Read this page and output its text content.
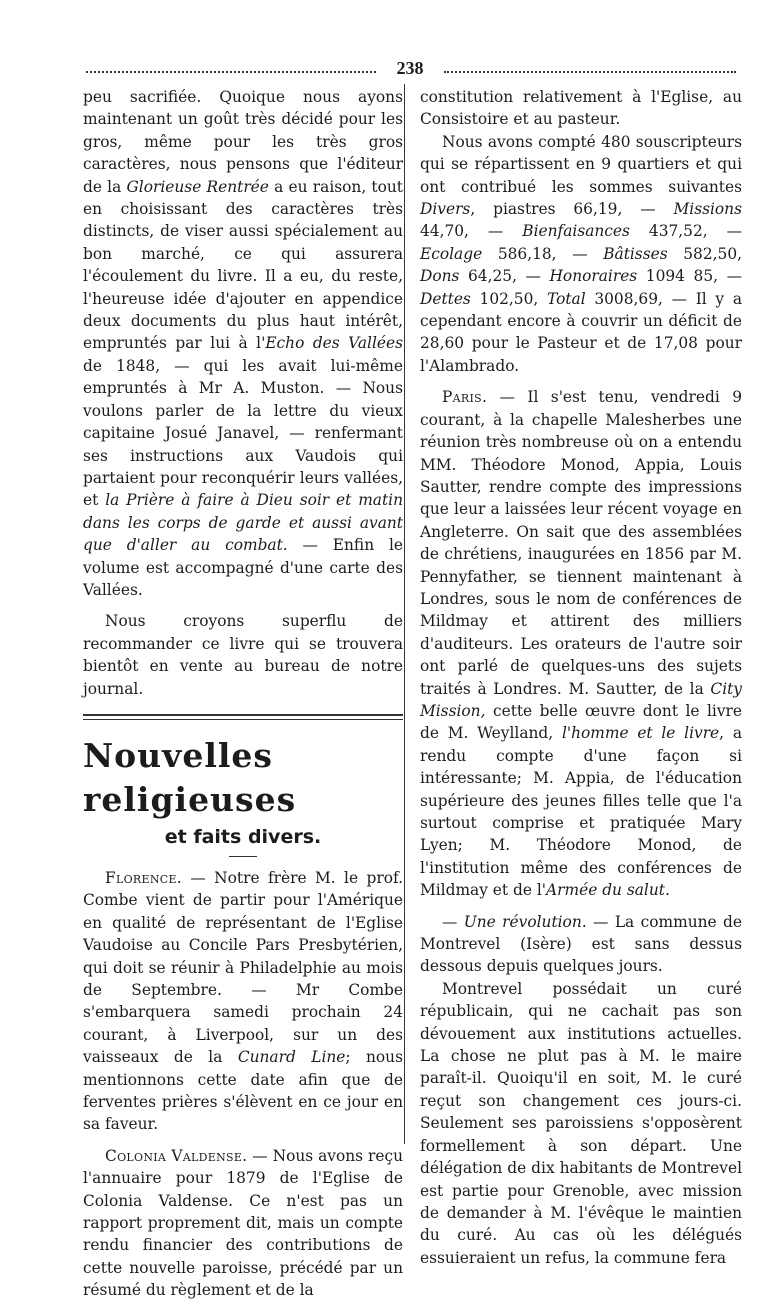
238

peu sacrifiée. Quoique nous ayons maintenant un goût très décidé pour les gros, même pour les très gros caractères, nous pensons que l'éditeur de la Glorieuse Rentrée a eu raison, tout en choisissant des caractères très distincts, de viser aussi spécialement au bon marché, ce qui assurera l'écoulement du livre. Il a eu, du reste, l'heureuse idée d'ajouter en appendice deux documents du plus haut intérêt, empruntés par lui à l'Echo des Vallées de 1848, — qui les avait lui-même empruntés à Mr A. Muston. — Nous voulons parler de la lettre du vieux capitaine Josué Janavel, — renfermant ses instructions aux Vaudois qui partaient pour reconquérir leurs vallées, et la Prière à faire à Dieu soir et matin dans les corps de garde et aussi avant que d'aller au combat. — Enfin le volume est accompagné d'une carte des Vallées.

Nous croyons superflu de recommander ce livre qui se trouvera bientôt en vente au bureau de notre journal.

Nouvelles religieuses
et faits divers.

Florence. — Notre frère M. le prof. Combe vient de partir pour l'Amérique en qualité de représentant de l'Eglise Vaudoise au Concile Pars Presbytérien, qui doit se réunir à Philadelphie au mois de Septembre. — Mr Combe s'embarquera samedi prochain 24 courant, à Liverpool, sur un des vaisseaux de la Cunard Line; nous mentionnons cette date afin que de ferventes prières s'élèvent en ce jour en sa faveur.

Colonia Valdense. — Nous avons reçu l'annuaire pour 1879 de l'Eglise de Colonia Valdense. Ce n'est pas un rapport proprement dit, mais un compte rendu financier des contributions de cette nouvelle paroisse, précédé par un résumé du règlement et de la

constitution relativement à l'Eglise, au Consistoire et au pasteur.

Nous avons compté 480 souscripteurs qui se répartissent en 9 quartiers et qui ont contribué les sommes suivantes Divers, piastres 66,19, — Missions 44,70, — Bienfaisances 437,52, — Ecolage 586,18, — Bâtisses 582,50, Dons 64,25, — Honoraires 1094 85, — Dettes 102,50, Total 3008,69, — Il y a cependant encore à couvrir un déficit de 28,60 pour le Pasteur et de 17,08 pour l'Alambrado.

Paris. — Il s'est tenu, vendredi 9 courant, à la chapelle Malesherbes une réunion très nombreuse où on a entendu MM. Théodore Monod, Appia, Louis Sautter, rendre compte des impressions que leur a laissées leur récent voyage en Angleterre. On sait que des assemblées de chrétiens, inaugurées en 1856 par M. Pennyfather, se tiennent maintenant à Londres, sous le nom de conférences de Mildmay et attirent des milliers d'auditeurs. Les orateurs de l'autre soir ont parlé de quelques-uns des sujets traités à Londres. M. Sautter, de la City Mission, cette belle œuvre dont le livre de M. Weylland, l'homme et le livre, a rendu compte d'une façon si intéressante; M. Appia, de l'éducation supérieure des jeunes filles telle que l'a surtout comprise et pratiquée Mary Lyen; M. Théodore Monod, de l'institution même des conférences de Mildmay et de l'Armée du salut.

— Une révolution. — La commune de Montrevel (Isère) est sans dessus dessous depuis quelques jours.

Montrevel possédait un curé républicain, qui ne cachait pas son dévouement aux institutions actuelles. La chose ne plut pas à M. le maire paraît-il. Quoiqu'il en soit, M. le curé reçut son changement ces jours-ci. Seulement ses paroissiens s'opposèrent formellement à son départ. Une délégation de dix habitants de Montrevel est partie pour Grenoble, avec mission de demander à M. l'évêque le maintien du curé. Au cas où les délégués essuieraient un refus, la commune fera
